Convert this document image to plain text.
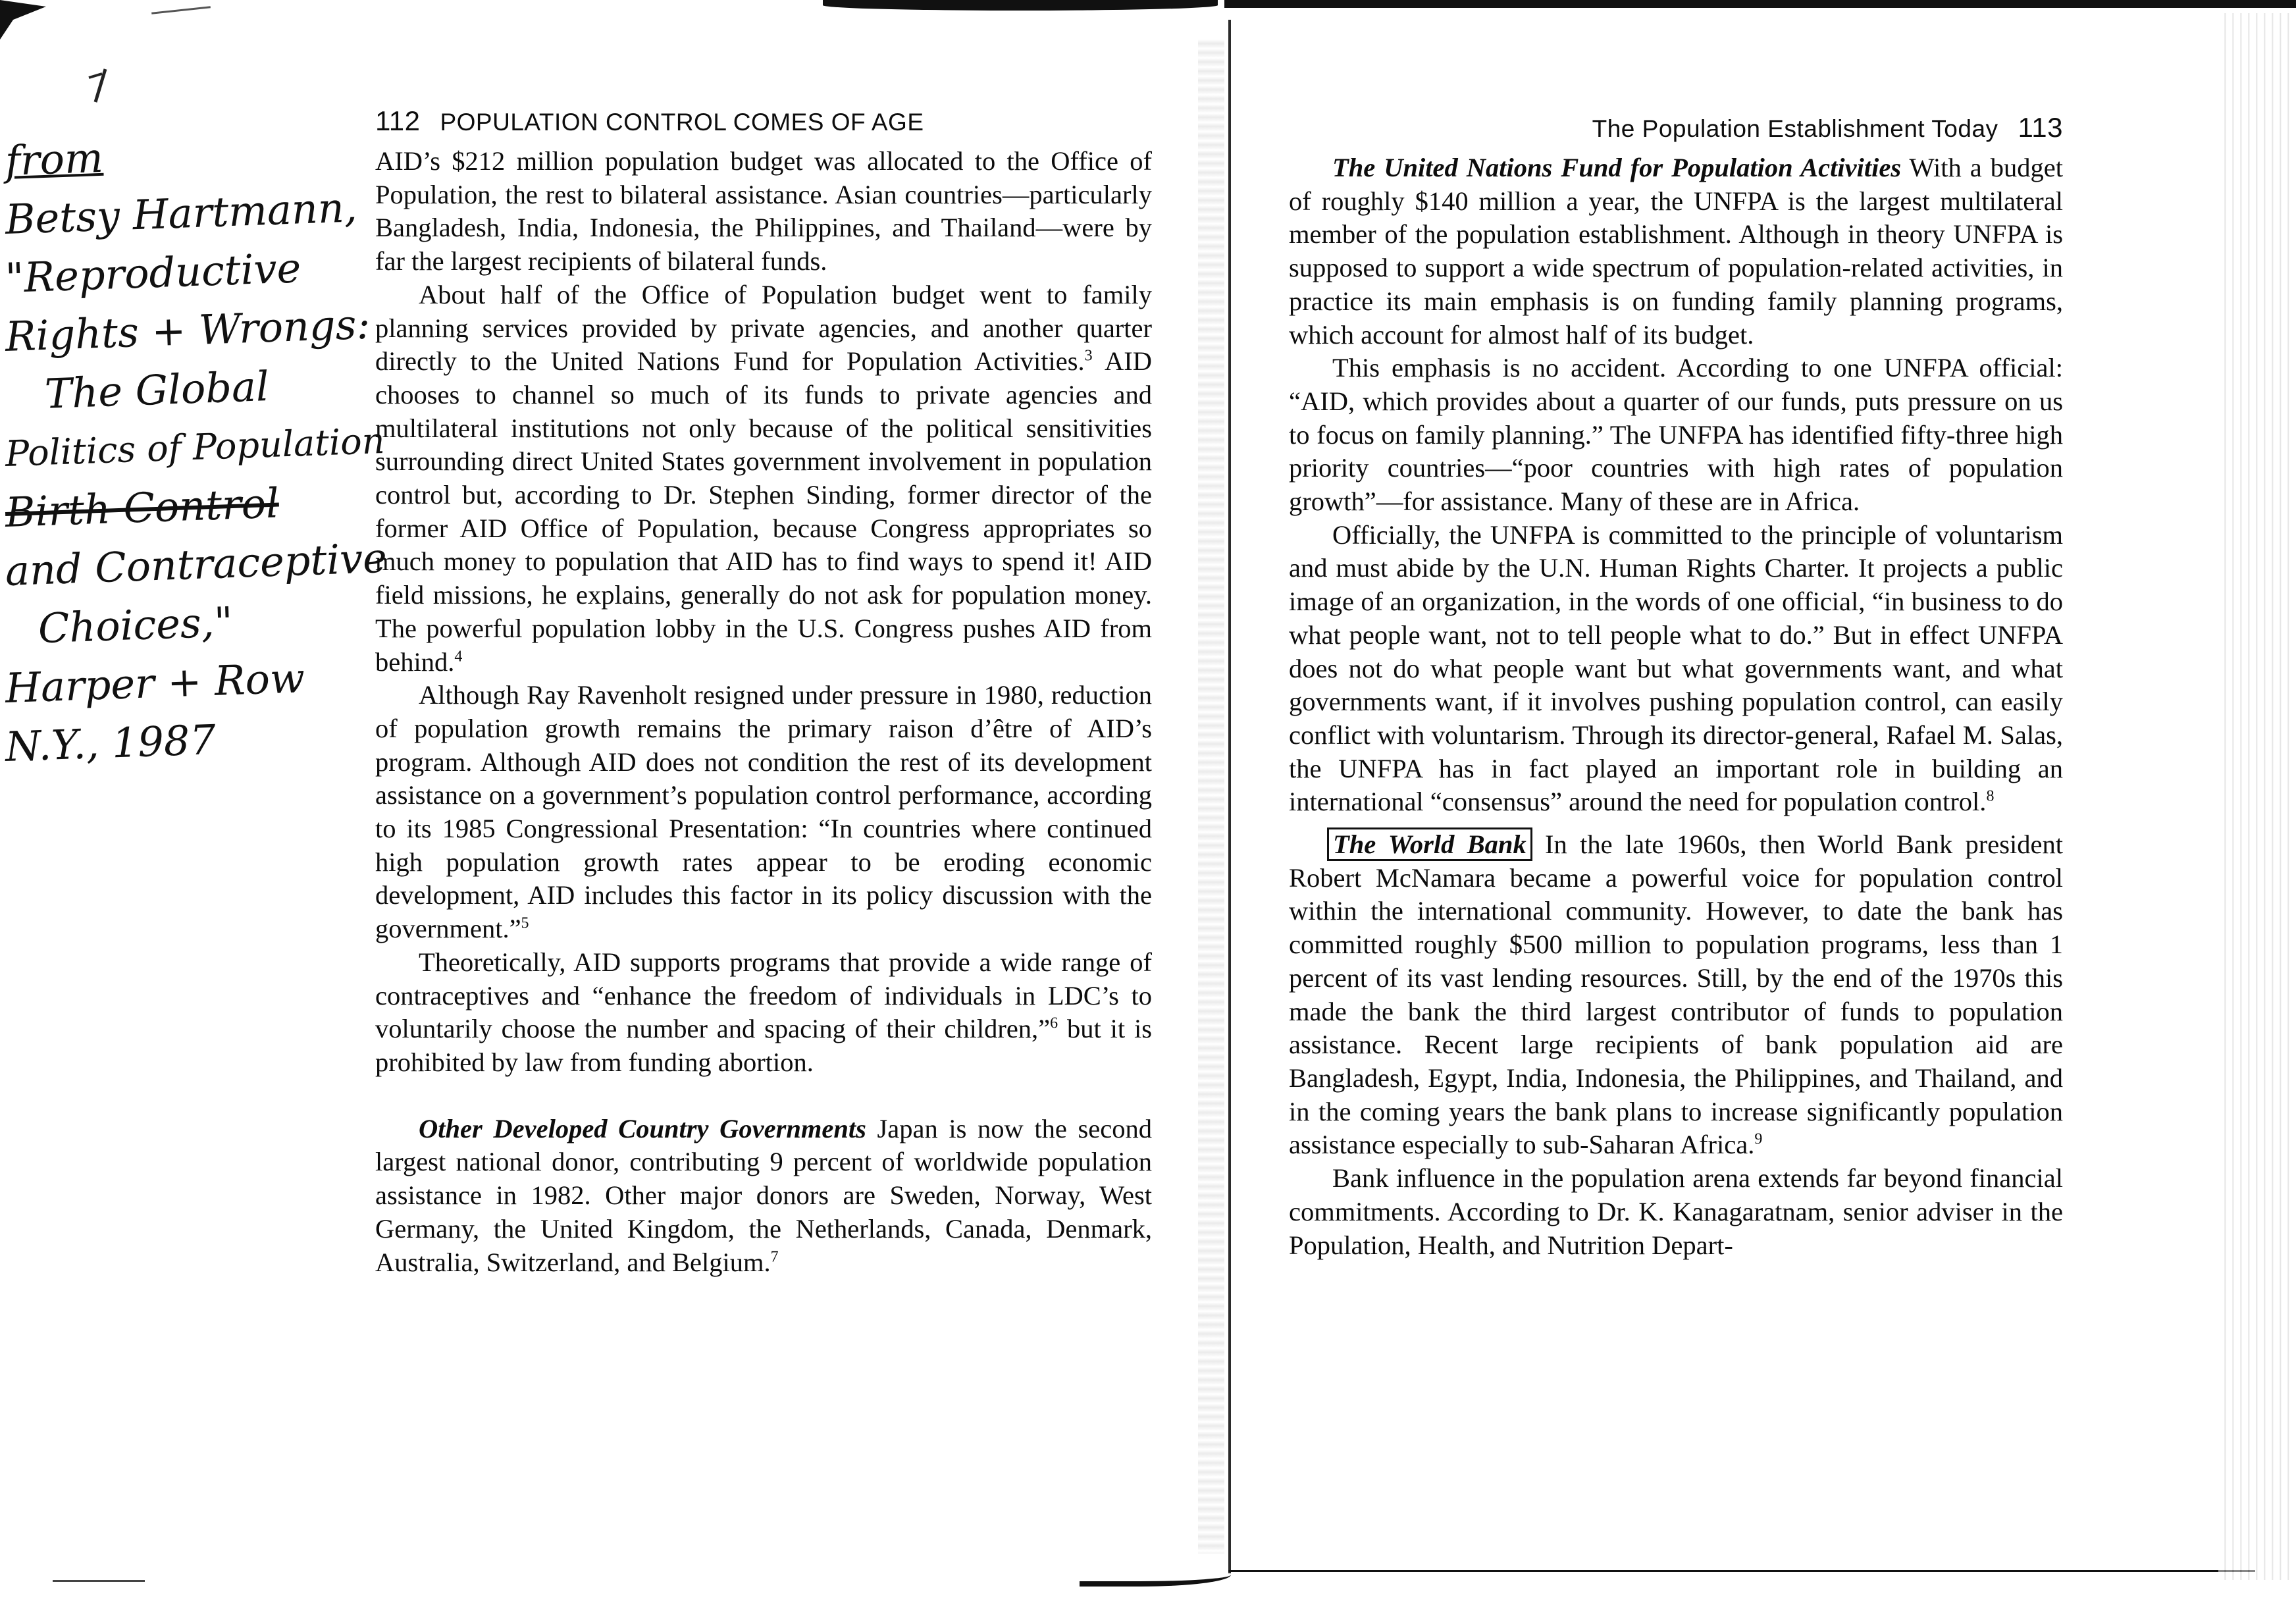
from
Betsy Hartmann,
"Reproductive
Rights + Wrongs:
The Global
Politics of Population
Birth Control
and Contraceptive
Choices,"
Harper + Row
N.Y., 1987
112 POPULATION CONTROL COMES OF AGE

AID’s $212 million population budget was allocated to the Office of Population, the rest to bilateral assistance. Asian countries—particularly Bangladesh, India, Indonesia, the Philippines, and Thailand—were by far the largest recipients of bilateral funds.

About half of the Office of Population budget went to family planning services provided by private agencies, and another quarter directly to the United Nations Fund for Population Activities.$^3$ AID chooses to channel so much of its funds to private agencies and multilateral institutions not only because of the political sensitivities surrounding direct United States government involvement in population control but, according to Dr. Stephen Sinding, former director of the former AID Office of Population, because Congress appropriates so much money to population that AID has to find ways to spend it! AID field missions, he explains, generally do not ask for population money. The powerful population lobby in the U.S. Congress pushes AID from behind.$^4$

Although Ray Ravenholt resigned under pressure in 1980, reduction of population growth remains the primary raison d’être of AID’s program. Although AID does not condition the rest of its development assistance on a government’s population control performance, according to its 1985 Congressional Presentation: “In countries where continued high population growth rates appear to be eroding economic development, AID includes this factor in its policy discussion with the government.”$^5$

Theoretically, AID supports programs that provide a wide range of contraceptives and “enhance the freedom of individuals in LDC’s to voluntarily choose the number and spacing of their children,”$^6$ but it is prohibited by law from funding abortion.

Other Developed Country Governments Japan is now the second largest national donor, contributing 9 percent of worldwide population assistance in 1982. Other major donors are Sweden, Norway, West Germany, the United Kingdom, the Netherlands, Canada, Denmark, Australia, Switzerland, and Belgium.$^7$

The Population Establishment Today 113

The United Nations Fund for Population Activities With a budget of roughly $140 million a year, the UNFPA is the largest multilateral member of the population establishment. Although in theory UNFPA is supposed to support a wide spectrum of population-related activities, in practice its main emphasis is on funding family planning programs, which account for almost half of its budget.

This emphasis is no accident. According to one UNFPA official: “AID, which provides about a quarter of our funds, puts pressure on us to focus on family planning.” The UNFPA has identified fifty-three high priority countries—“poor countries with high rates of population growth”—for assistance. Many of these are in Africa.

Officially, the UNFPA is committed to the principle of voluntarism and must abide by the U.N. Human Rights Charter. It projects a public image of an organization, in the words of one official, “in business to do what people want, not to tell people what to do.” But in effect UNFPA does not do what people want but what governments want, and what governments want, if it involves pushing population control, can easily conflict with voluntarism. Through its director-general, Rafael M. Salas, the UNFPA has in fact played an important role in building an international “consensus” around the need for population control.$^8$

The World Bank In the late 1960s, then World Bank president Robert McNamara became a powerful voice for population control within the international community. However, to date the bank has committed roughly $500 million to population programs, less than 1 percent of its vast lending resources. Still, by the end of the 1970s this made the bank the third largest contributor of funds to population assistance. Recent large recipients of bank population aid are Bangladesh, Egypt, India, Indonesia, the Philippines, and Thailand, and in the coming years the bank plans to increase significantly population assistance especially to sub-Saharan Africa.$^9$

Bank influence in the population arena extends far beyond financial commitments. According to Dr. K. Kanagaratnam, senior adviser in the Population, Health, and Nutrition Depart-
